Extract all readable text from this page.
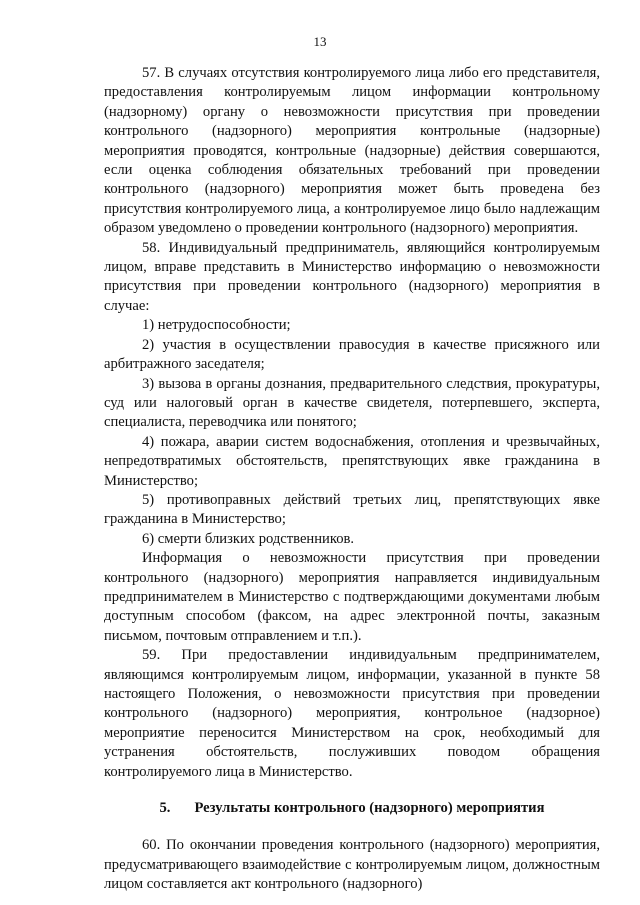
13

57. В случаях отсутствия контролируемого лица либо его представителя, предоставления контролируемым лицом информации контрольному (надзорному) органу о невозможности присутствия при проведении контрольного (надзорного) мероприятия контрольные (надзорные) мероприятия проводятся, контрольные (надзорные) действия совершаются, если оценка соблюдения обязательных требований при проведении контрольного (надзорного) мероприятия может быть проведена без присутствия контролируемого лица, а контролируемое лицо было надлежащим образом уведомлено о проведении контрольного (надзорного) мероприятия.

58. Индивидуальный предприниматель, являющийся контролируемым лицом, вправе представить в Министерство информацию о невозможности присутствия при проведении контрольного (надзорного) мероприятия в случае:

1) нетрудоспособности;

2) участия в осуществлении правосудия в качестве присяжного или арбитражного заседателя;

3) вызова в органы дознания, предварительного следствия, прокуратуры, суд или налоговый орган в качестве свидетеля, потерпевшего, эксперта, специалиста, переводчика или понятого;

4) пожара, аварии систем водоснабжения, отопления и чрезвычайных, непредотвратимых обстоятельств, препятствующих явке гражданина в Министерство;

5) противоправных действий третьих лиц, препятствующих явке гражданина в Министерство;

6) смерти близких родственников.

Информация о невозможности присутствия при проведении контрольного (надзорного) мероприятия направляется индивидуальным предпринимателем в Министерство с подтверждающими документами любым доступным способом (факсом, на адрес электронной почты, заказным письмом, почтовым отправлением и т.п.).

59. При предоставлении индивидуальным предпринимателем, являющимся контролируемым лицом, информации, указанной в пункте 58 настоящего Положения, о невозможности присутствия при проведении контрольного (надзорного) мероприятия, контрольное (надзорное) мероприятие переносится Министерством на срок, необходимый для устранения обстоятельств, послуживших поводом обращения контролируемого лица в Министерство.

5. Результаты контрольного (надзорного) мероприятия

60. По окончании проведения контрольного (надзорного) мероприятия, предусматривающего взаимодействие с контролируемым лицом, должностным лицом составляется акт контрольного (надзорного)
